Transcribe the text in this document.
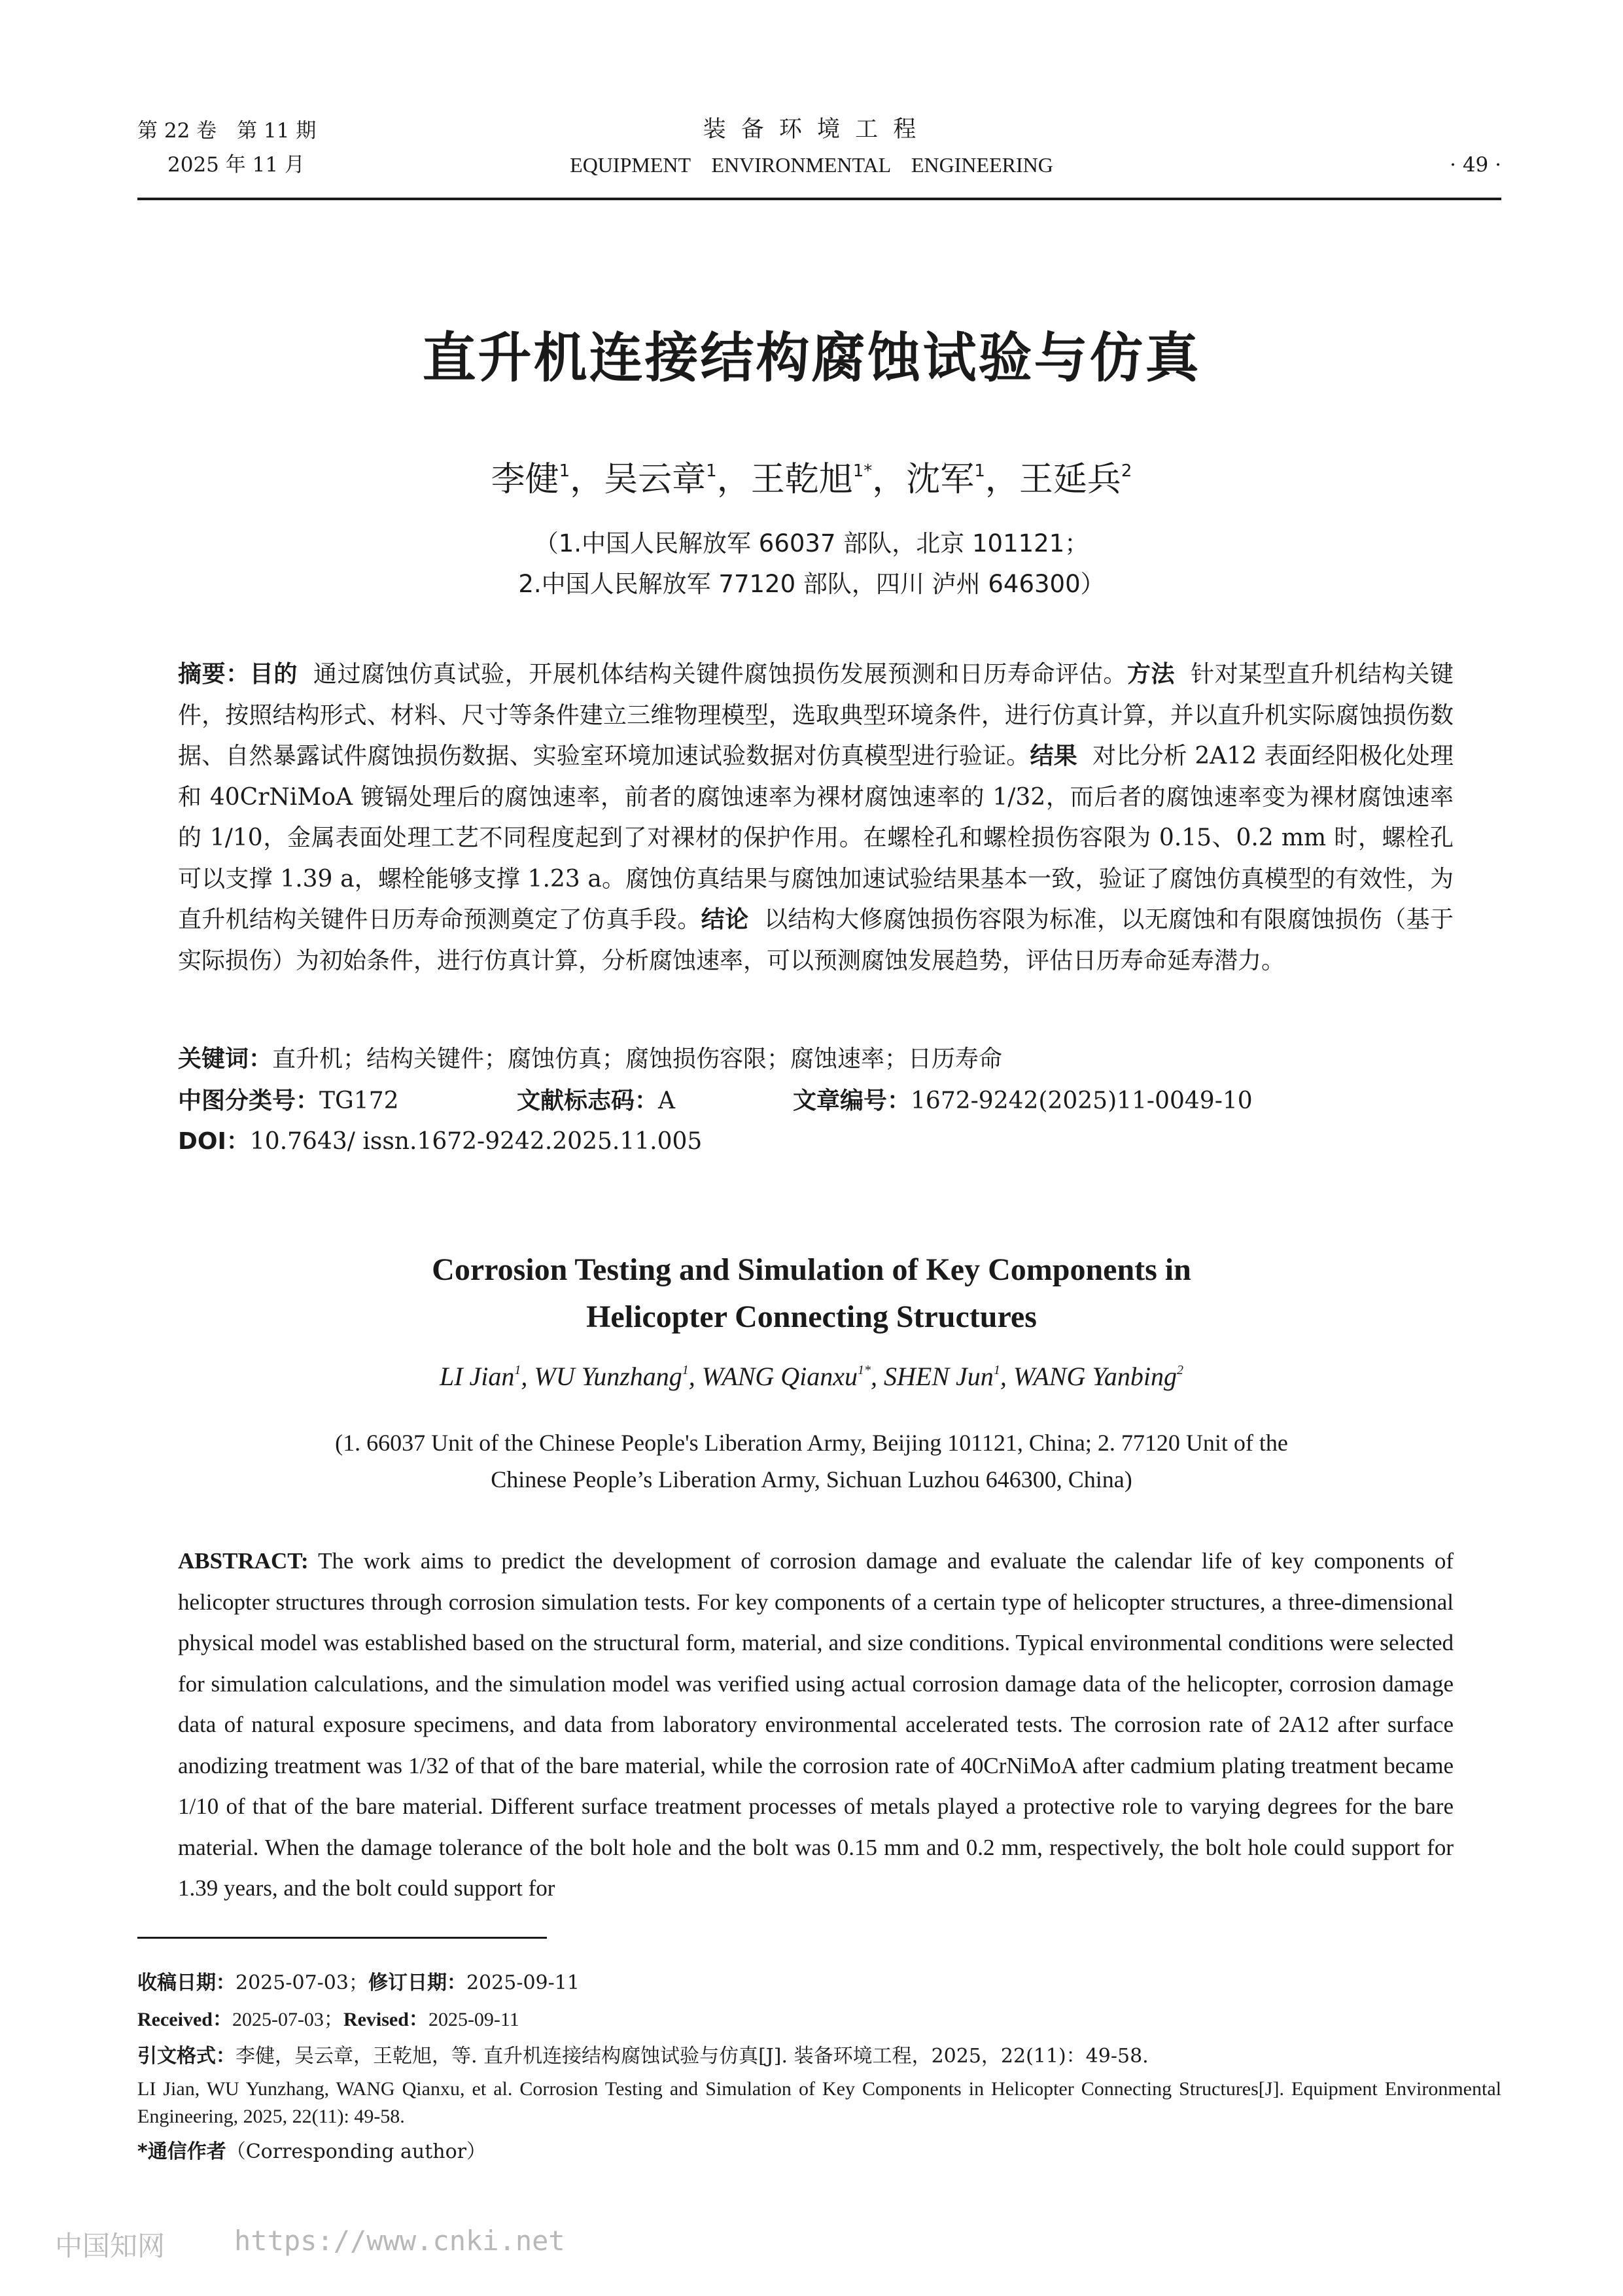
第 22 卷　第 11 期
2025 年 11 月
装 备 环 境 工 程
EQUIPMENT　ENVIRONMENTAL　ENGINEERING	· 49 ·
直升机连接结构腐蚀试验与仿真
李健$^1$，吴云章$^1$，王乾旭$^{1*}$，沈军$^1$，王延兵$^2$
（1.中国人民解放军 66037 部队，北京 101121；
2.中国人民解放军 77120 部队，四川 泸州 646300）
摘要：目的 通过腐蚀仿真试验，开展机体结构关键件腐蚀损伤发展预测和日历寿命评估。方法 针对某型直升机结构关键件，按照结构形式、材料、尺寸等条件建立三维物理模型，选取典型环境条件，进行仿真计算，并以直升机实际腐蚀损伤数据、自然暴露试件腐蚀损伤数据、实验室环境加速试验数据对仿真模型进行验证。结果 对比分析 2A12 表面经阳极化处理和 40CrNiMoA 镀镉处理后的腐蚀速率，前者的腐蚀速率为裸材腐蚀速率的 1/32，而后者的腐蚀速率变为裸材腐蚀速率的 1/10，金属表面处理工艺不同程度起到了对裸材的保护作用。在螺栓孔和螺栓损伤容限为 0.15、0.2 mm 时，螺栓孔可以支撑 1.39 a，螺栓能够支撑 1.23 a。腐蚀仿真结果与腐蚀加速试验结果基本一致，验证了腐蚀仿真模型的有效性，为直升机结构关键件日历寿命预测奠定了仿真手段。结论 以结构大修腐蚀损伤容限为标准，以无腐蚀和有限腐蚀损伤（基于实际损伤）为初始条件，进行仿真计算，分析腐蚀速率，可以预测腐蚀发展趋势，评估日历寿命延寿潜力。
关键词：直升机；结构关键件；腐蚀仿真；腐蚀损伤容限；腐蚀速率；日历寿命
中图分类号：TG172	文献标志码：A	文章编号：1672-9242(2025)11-0049-10
DOI：10.7643/ issn.1672-9242.2025.11.005
Corrosion Testing and Simulation of Key Components in
Helicopter Connecting Structures
LI Jian$^1$, WU Yunzhang$^1$, WANG Qianxu$^{1*}$, SHEN Jun$^1$, WANG Yanbing$^2$
(1. 66037 Unit of the Chinese People's Liberation Army, Beijing 101121, China; 2. 77120 Unit of the
Chinese People’s Liberation Army, Sichuan Luzhou 646300, China)
ABSTRACT: The work aims to predict the development of corrosion damage and evaluate the calendar life of key components of helicopter structures through corrosion simulation tests. For key components of a certain type of helicopter structures, a three-dimensional physical model was established based on the structural form, material, and size conditions. Typical environmental conditions were selected for simulation calculations, and the simulation model was verified using actual corrosion damage data of the helicopter, corrosion damage data of natural exposure specimens, and data from laboratory environmental accelerated tests. The corrosion rate of 2A12 after surface anodizing treatment was 1/32 of that of the bare material, while the corrosion rate of 40CrNiMoA after cadmium plating treatment became 1/10 of that of the bare material. Different surface treatment processes of metals played a protective role to varying degrees for the bare material. When the damage tolerance of the bolt hole and the bolt was 0.15 mm and 0.2 mm, respectively, the bolt hole could support for 1.39 years, and the bolt could support for
收稿日期：2025-07-03；修订日期：2025-09-11
Received：2025-07-03；Revised：2025-09-11
引文格式：李健，吴云章，王乾旭，等. 直升机连接结构腐蚀试验与仿真[J]. 装备环境工程，2025，22(11)：49-58.
LI Jian, WU Yunzhang, WANG Qianxu, et al. Corrosion Testing and Simulation of Key Components in Helicopter Connecting Structures[J]. Equipment Environmental Engineering, 2025, 22(11): 49-58.
*通信作者（Corresponding author）
中国知网	https://www.cnki.net
